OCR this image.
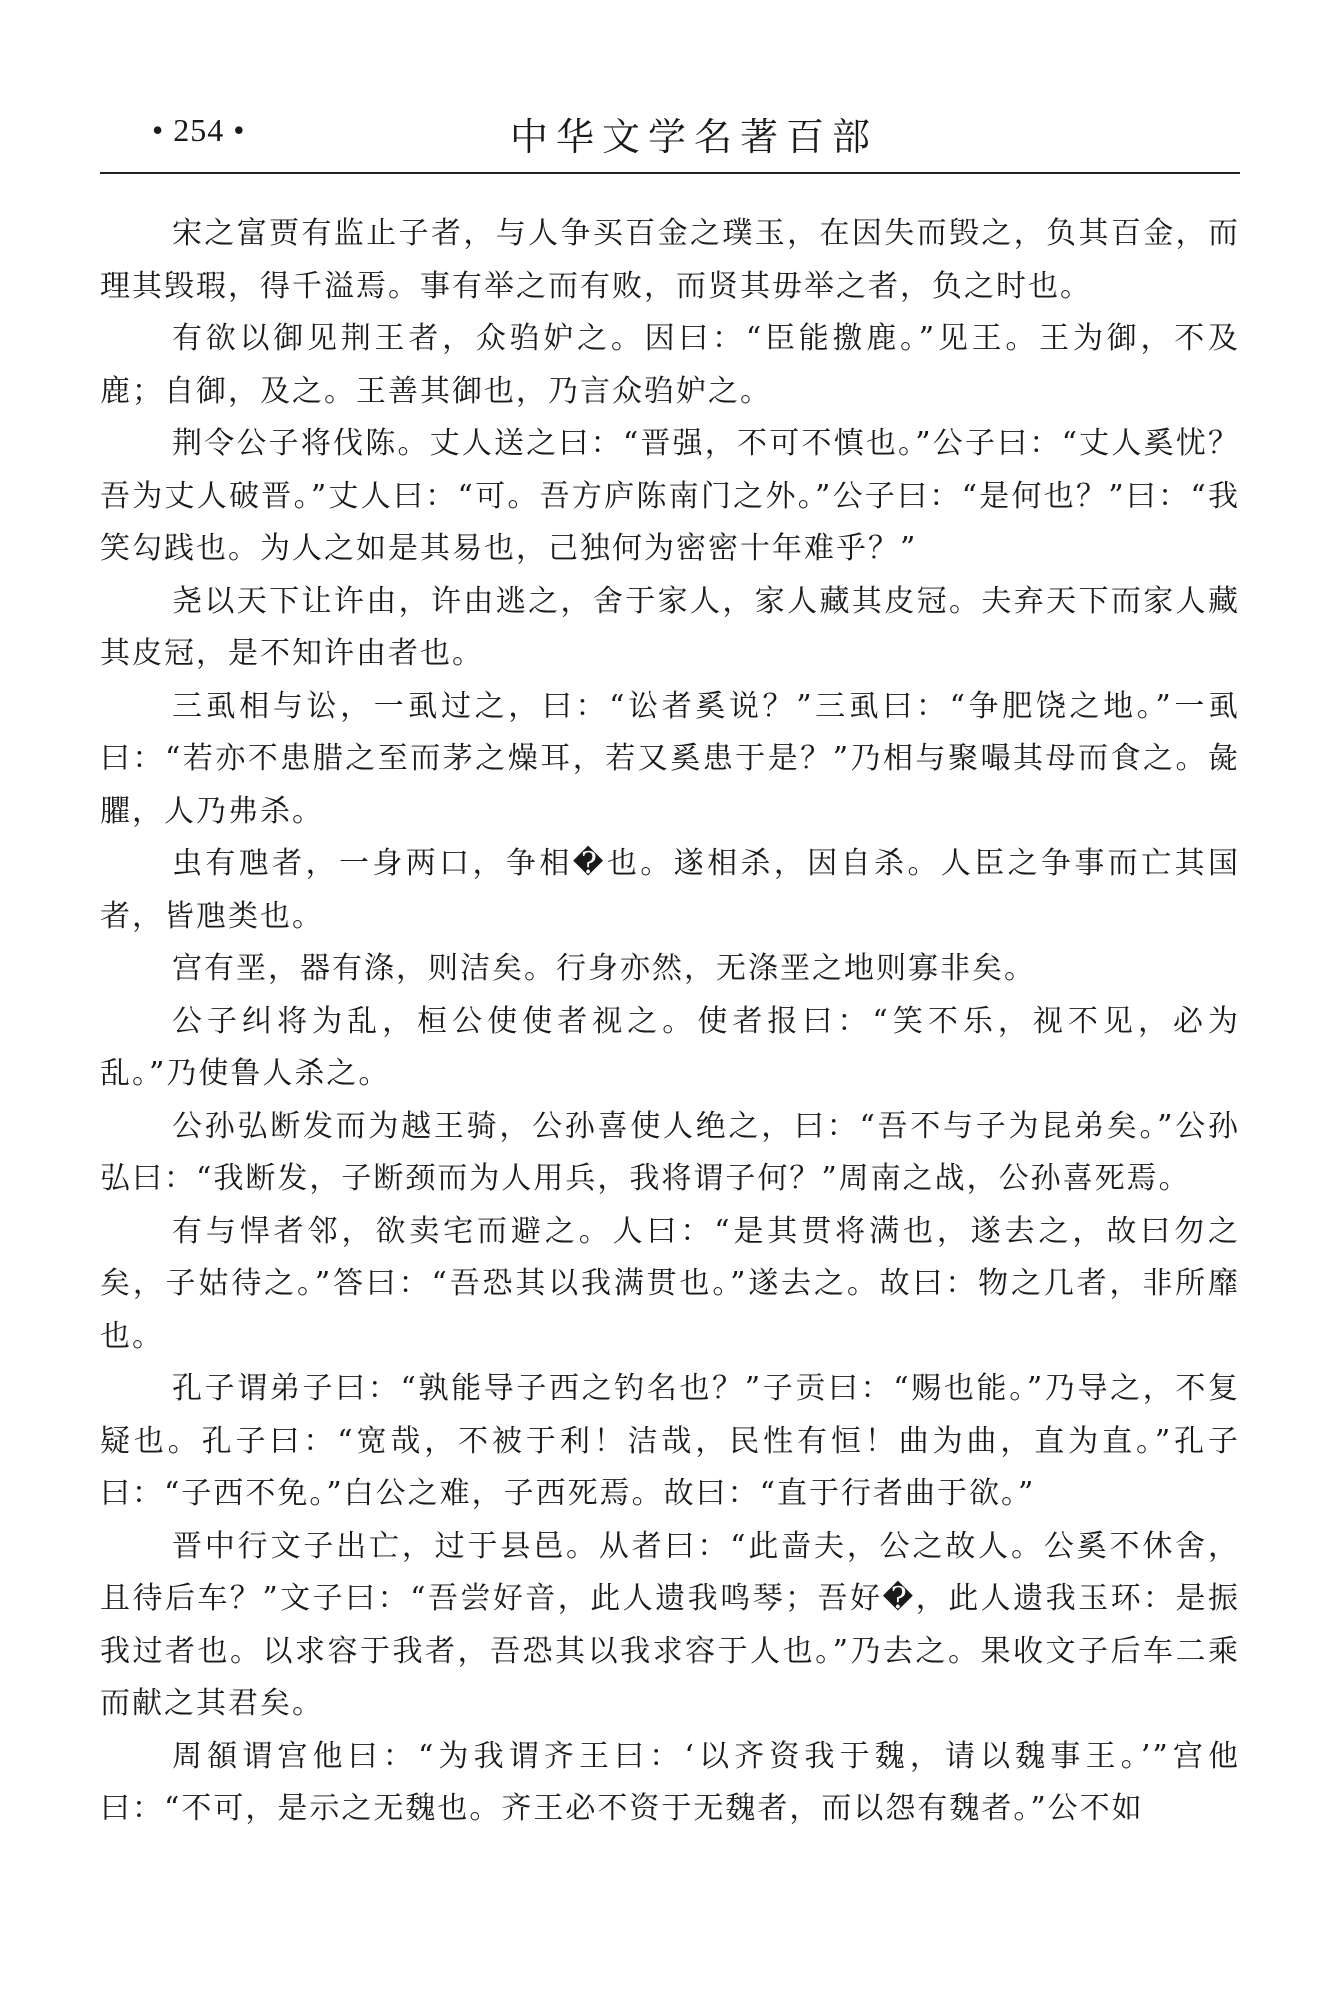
• 254 •	中华文学名著百部

宋之富贾有监止子者，与人争买百金之璞玉，在因失而毁之，负其百金，而理其毁瑕，得千溢焉。事有举之而有败，而贤其毋举之者，负之时也。

有欲以御见荆王者，众驺妒之。因曰：“臣能撽鹿。”见王。王为御，不及鹿；自御，及之。王善其御也，乃言众驺妒之。

荆令公子将伐陈。丈人送之曰：“晋强，不可不慎也。”公子曰：“丈人奚忧？吾为丈人破晋。”丈人曰：“可。吾方庐陈南门之外。”公子曰：“是何也？”曰：“我笑勾践也。为人之如是其易也，己独何为密密十年难乎？”

尧以天下让许由，许由逃之，舍于家人，家人藏其皮冠。夫弃天下而家人藏其皮冠，是不知许由者也。

三虱相与讼，一虱过之，曰：“讼者奚说？”三虱曰：“争肥饶之地。”一虱曰：“若亦不患腊之至而茅之燥耳，若又奚患于是？”乃相与聚嘬其母而食之。彘臞，人乃弗杀。

虫有虺者，一身两口，争相�也。遂相杀，因自杀。人臣之争事而亡其国者，皆虺类也。

宫有垩，器有涤，则洁矣。行身亦然，无涤垩之地则寡非矣。

公子纠将为乱，桓公使使者视之。使者报曰：“笑不乐，视不见，必为乱。”乃使鲁人杀之。

公孙弘断发而为越王骑，公孙喜使人绝之，曰：“吾不与子为昆弟矣。”公孙弘曰：“我断发，子断颈而为人用兵，我将谓子何？”周南之战，公孙喜死焉。

有与悍者邻，欲卖宅而避之。人曰：“是其贯将满也，遂去之，故曰勿之矣，子姑待之。”答曰：“吾恐其以我满贯也。”遂去之。故曰：物之几者，非所靡也。

孔子谓弟子曰：“孰能导子西之钓名也？”子贡曰：“赐也能。”乃导之，不复疑也。孔子曰：“宽哉，不被于利！洁哉，民性有恒！曲为曲，直为直。”孔子曰：“子西不免。”白公之难，子西死焉。故曰：“直于行者曲于欲。”

晋中行文子出亡，过于县邑。从者曰：“此啬夫，公之故人。公奚不休舍，且待后车？”文子曰：“吾尝好音，此人遗我鸣琴；吾好�，此人遗我玉环：是振我过者也。以求容于我者，吾恐其以我求容于人也。”乃去之。果收文子后车二乘而献之其君矣。

周頟谓宫他曰：“为我谓齐王曰：‘以齐资我于魏，请以魏事王。’”宫他曰：“不可，是示之无魏也。齐王必不资于无魏者，而以怨有魏者。”公不如
